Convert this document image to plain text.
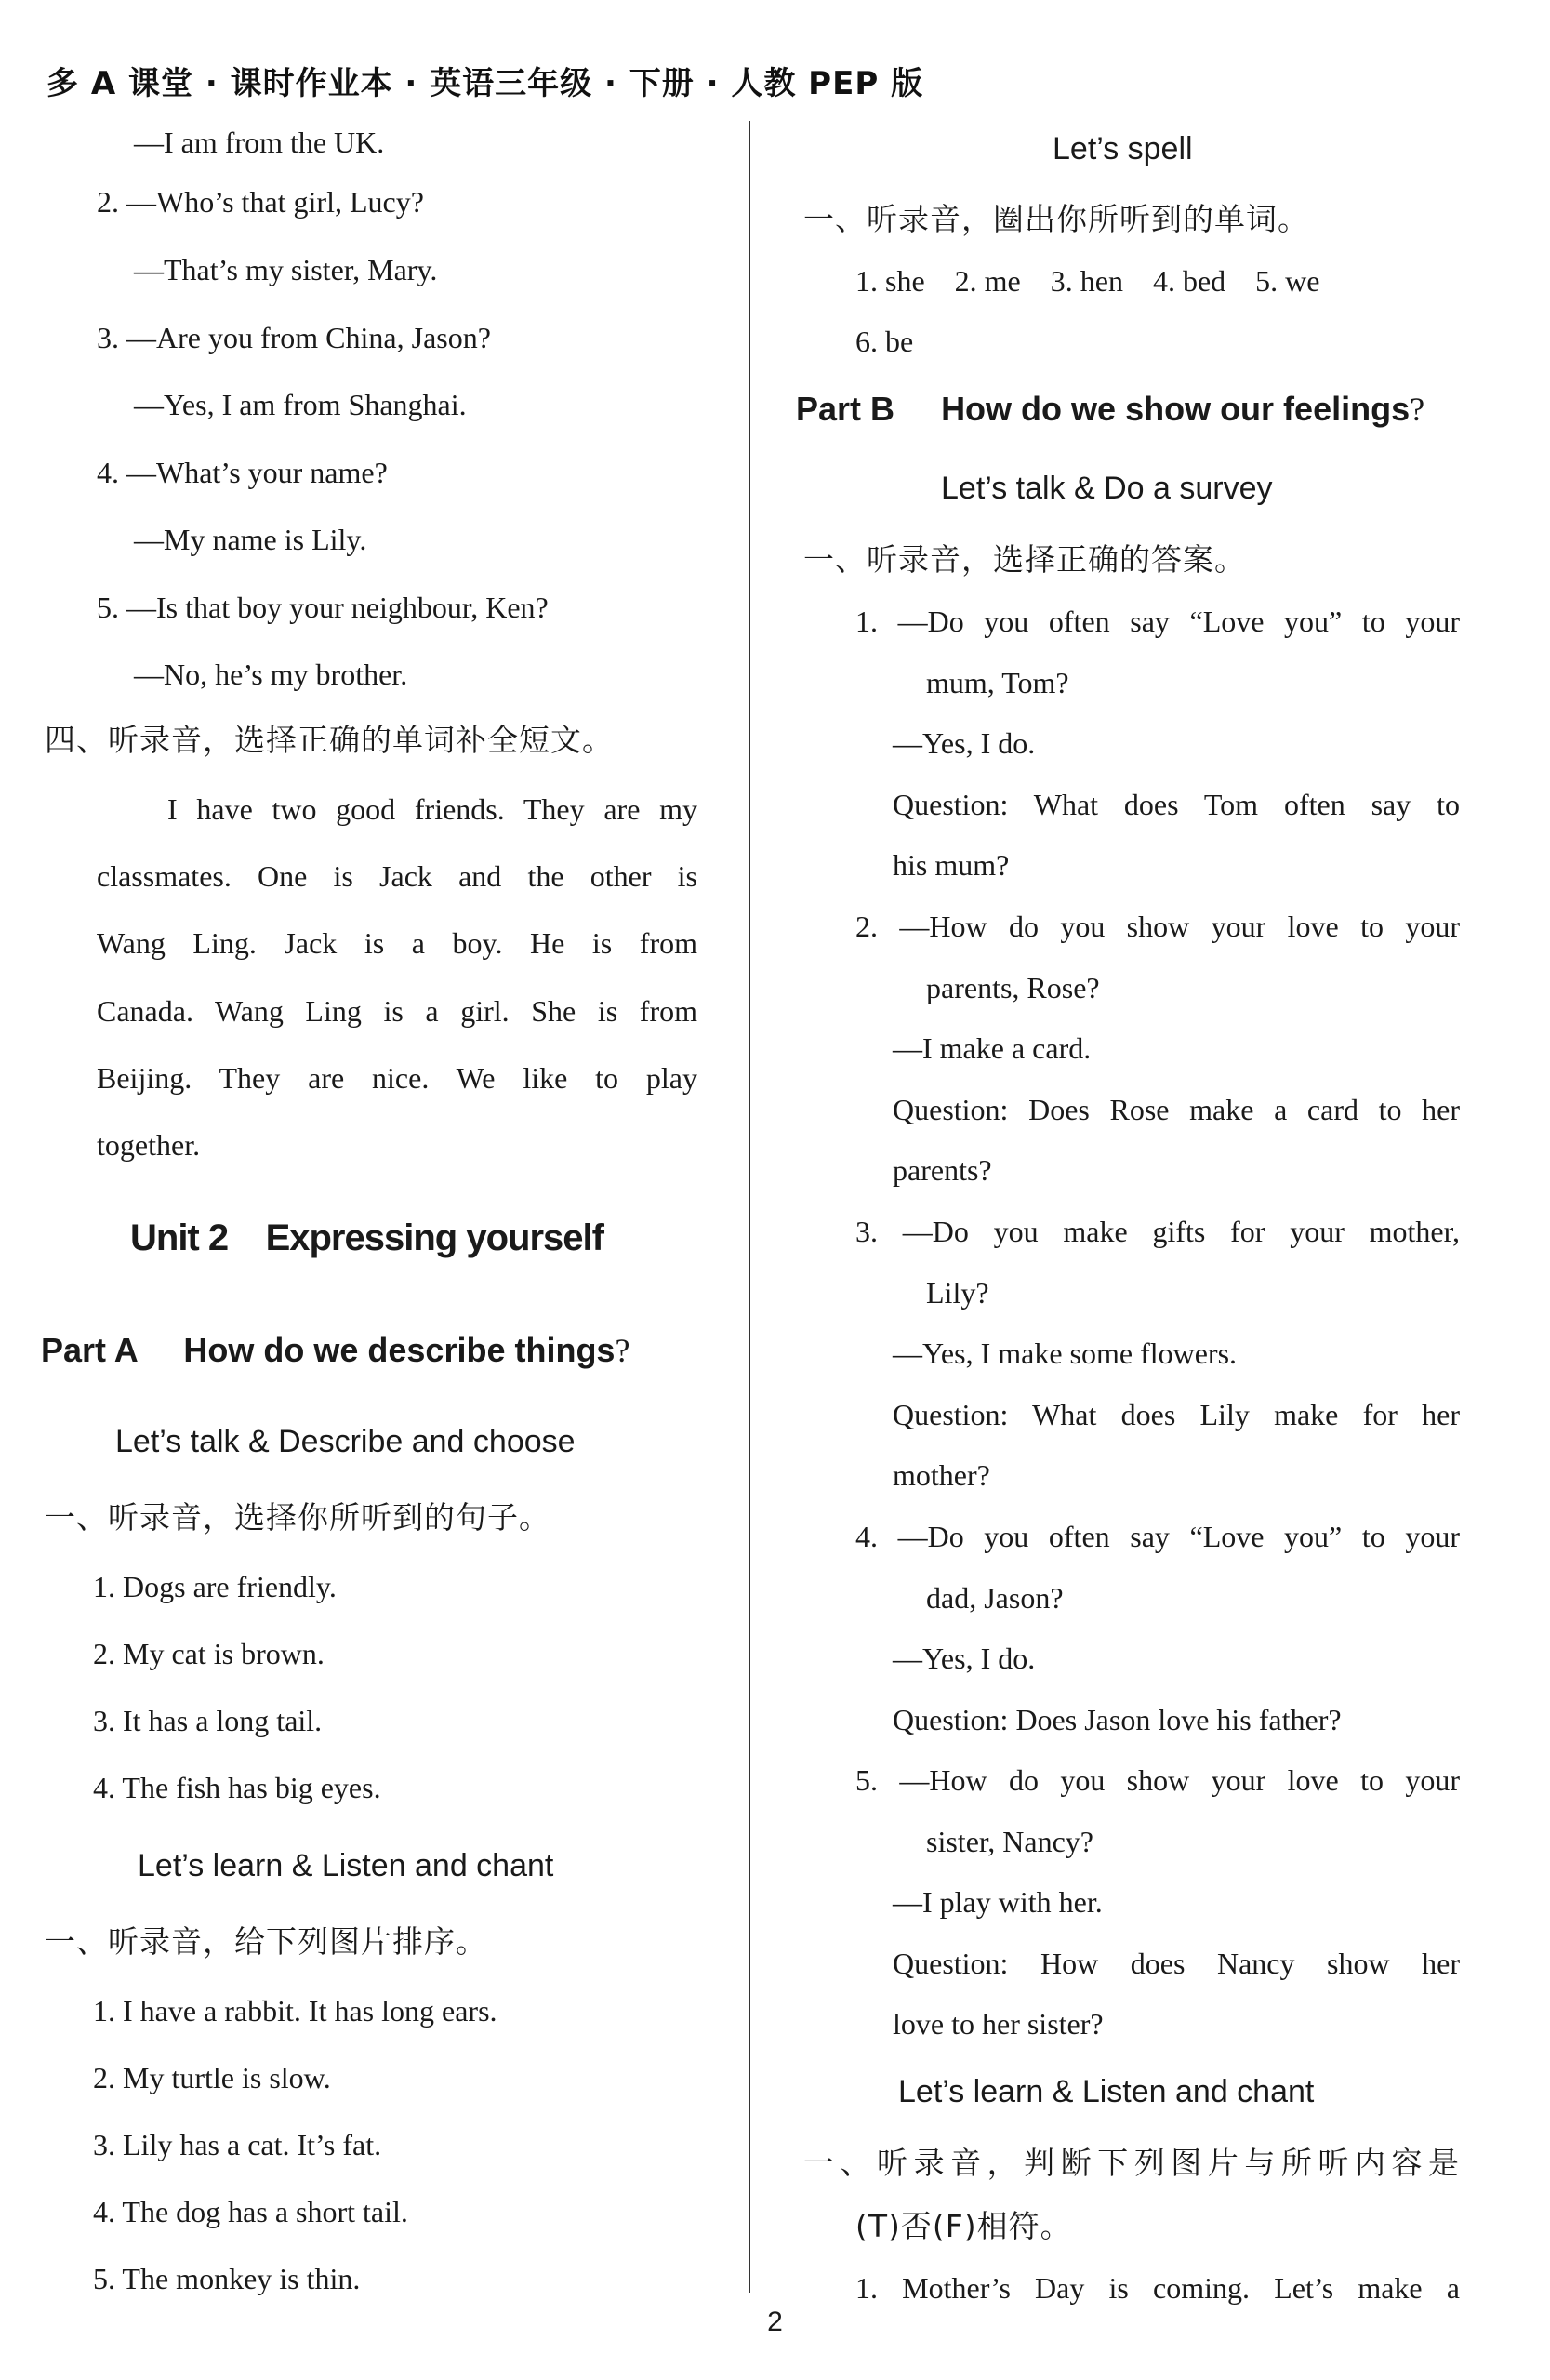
多 A 课堂 · 课时作业本 · 英语三年级 · 下册 · 人教 PEP 版
—I am from the UK.
2. —Who’s that girl, Lucy?
—That’s my sister, Mary.
3. —Are you from China, Jason?
—Yes, I am from Shanghai.
4. —What’s your name?
—My name is Lily.
5. —Is that boy your neighbour, Ken?
—No, he’s my brother.
四、听录音，选择正确的单词补全短文。
I have two good friends. They are my
classmates. One is Jack and the other is
Wang Ling. Jack is a boy. He is from
Canada. Wang Ling is a girl. She is from
Beijing. They are nice. We like to play
together.
Unit 2    Expressing yourself
Part A How do we describe things?
Let’s talk & Describe and choose
一、听录音，选择你所听到的句子。
1. Dogs are friendly.
2. My cat is brown.
3. It has a long tail.
4. The fish has big eyes.
Let’s learn & Listen and chant
一、听录音，给下列图片排序。
1. I have a rabbit. It has long ears.
2. My turtle is slow.
3. Lily has a cat. It’s fat.
4. The dog has a short tail.
5. The monkey is thin.
Let’s spell
一、听录音，圈出你所听到的单词。
1. she    2. me    3. hen    4. bed    5. we
6. be
Part B How do we show our feelings?
Let’s talk & Do a survey
一、听录音，选择正确的答案。
1. —Do you often say “Love you” to your
mum, Tom?
—Yes, I do.
Question: What does Tom often say to
his mum?
2. —How do you show your love to your
parents, Rose?
—I make a card.
Question: Does Rose make a card to her
parents?
3. —Do you make gifts for your mother,
Lily?
—Yes, I make some flowers.
Question: What does Lily make for her
mother?
4. —Do you often say “Love you” to your
dad, Jason?
—Yes, I do.
Question: Does Jason love his father?
5. —How do you show your love to your
sister, Nancy?
—I play with her.
Question: How does Nancy show her
love to her sister?
Let’s learn & Listen and chant
一、听录音，判断下列图片与所听内容是
(T)否(F)相符。
1. Mother’s Day is coming. Let’s make a
2
